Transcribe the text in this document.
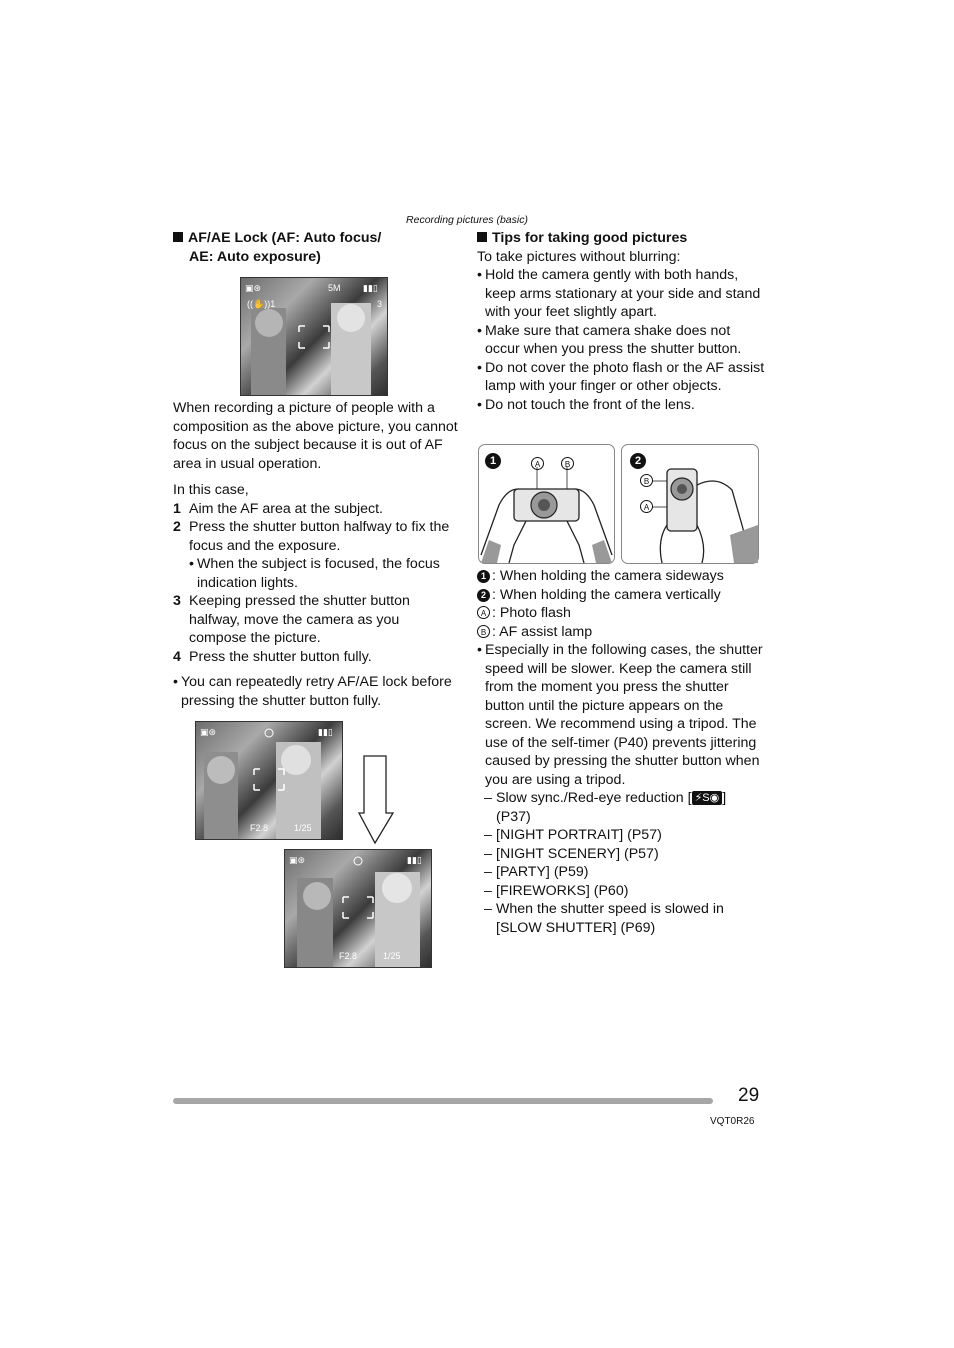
Recording pictures (basic)
AF/AE Lock (AF: Auto focus/
AE: Auto exposure)
▣⊛
((✋))1
5M ▮▮▯
3
When recording a picture of people with a composition as the above picture, you cannot focus on the subject because it is out of AF area in usual operation.
In this case,
1 Aim the AF area at the subject.
2 Press the shutter button halfway to fix the focus and the exposure.
• When the subject is focused, the focus indication lights.
3 Keeping pressed the shutter button halfway, move the camera as you compose the picture.
4 Press the shutter button fully.
• You can repeatedly retry AF/AE lock before pressing the shutter button fully.
▣⊛	▮▮▯
F2.8	1/25
▣⊛	▮▮▯
F2.8	1/25
Tips for taking good pictures
To take pictures without blurring:
• Hold the camera gently with both hands, keep arms stationary at your side and stand with your feet slightly apart.
• Make sure that camera shake does not occur when you press the shutter button.
• Do not cover the photo flash or the AF assist lamp with your finger or other objects.
• Do not touch the front of the lens.
1	A	B	2
B
A
1 : When holding the camera sideways
2 : When holding the camera vertically
A : Photo flash
B : AF assist lamp
• Especially in the following cases, the shutter speed will be slower. Keep the camera still from the moment you press the shutter button until the picture appears on the screen. We recommend using a tripod. The use of the self-timer (P40) prevents jittering caused by pressing the shutter button when you are using a tripod.
– Slow sync./Red-eye reduction [ ⚡S◉ ]
(P37)
– [NIGHT PORTRAIT] (P57)
– [NIGHT SCENERY] (P57)
– [PARTY] (P59)
– [FIREWORKS] (P60)
– When the shutter speed is slowed in [SLOW SHUTTER] (P69)
29
VQT0R26
